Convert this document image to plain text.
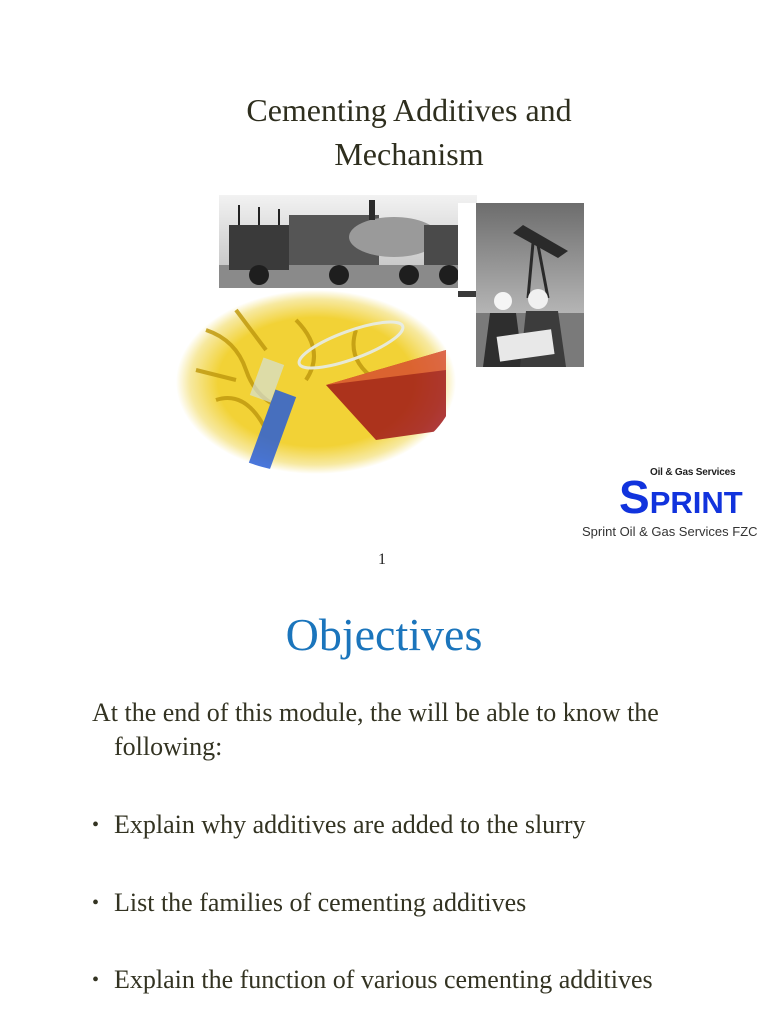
Cementing Additives and
Mechanism
Oil & Gas Services
SPRINT
Sprint Oil & Gas Services FZC
1
Objectives
At the end of this module, the will be able to know the following:
• Explain why additives are added to the slurry
• List the families of cementing additives
• Explain the function of various cementing additives
